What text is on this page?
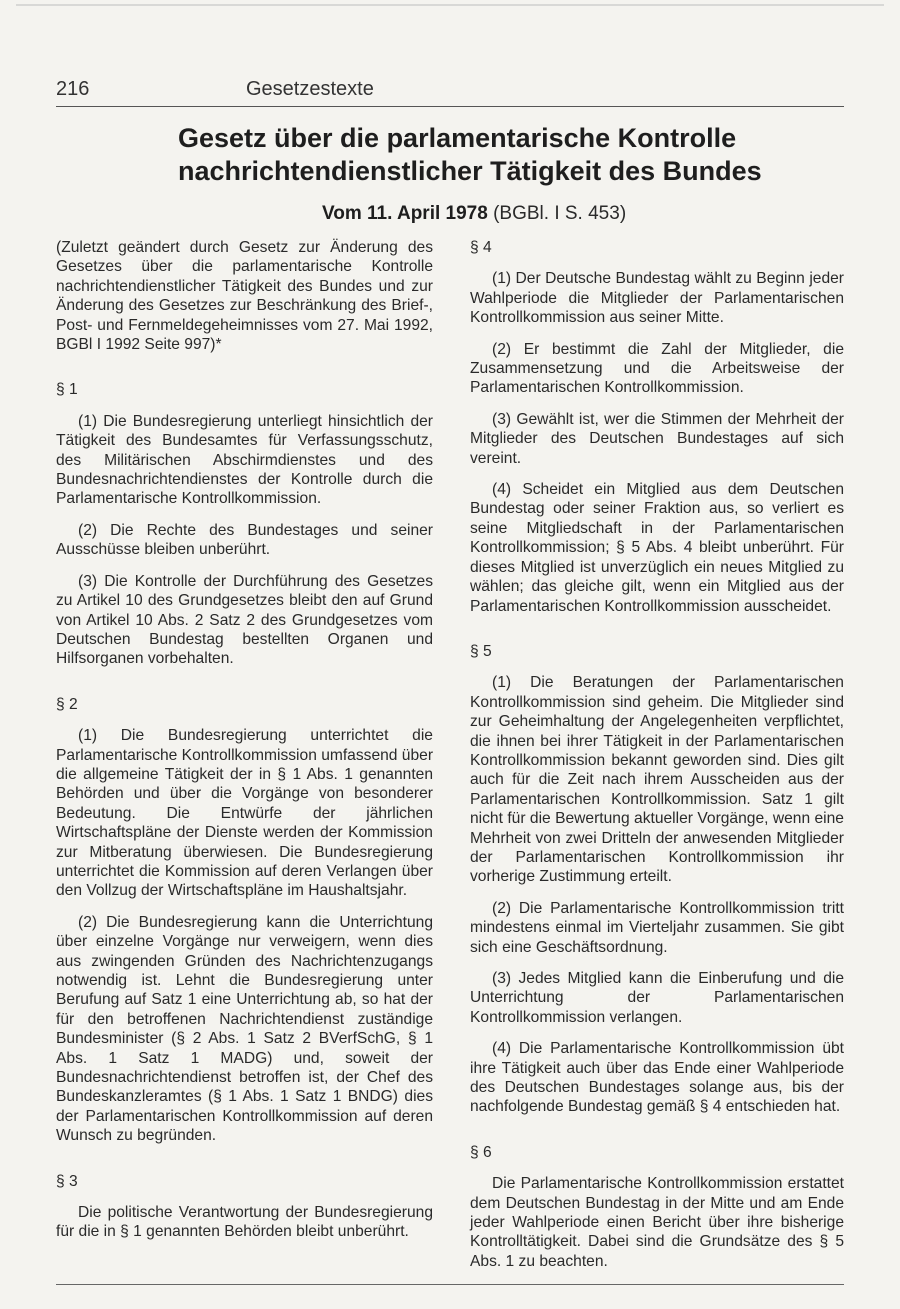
216	Gesetzestexte
Gesetz über die parlamentarische Kontrolle nachrichtendienstlicher Tätigkeit des Bundes
Vom 11. April 1978 (BGBl. I S. 453)

(Zuletzt geändert durch Gesetz zur Änderung des Gesetzes über die parlamentarische Kontrolle nachrichtendienstlicher Tätigkeit des Bundes und zur Änderung des Gesetzes zur Beschränkung des Brief-, Post- und Fernmeldegeheimnisses vom 27. Mai 1992, BGBl I 1992 Seite 997)*

§ 1

(1) Die Bundesregierung unterliegt hinsichtlich der Tätigkeit des Bundesamtes für Verfassungsschutz, des Militärischen Abschirmdienstes und des Bundesnachrichtendienstes der Kontrolle durch die Parlamentarische Kontrollkommission.

(2) Die Rechte des Bundestages und seiner Ausschüsse bleiben unberührt.

(3) Die Kontrolle der Durchführung des Gesetzes zu Artikel 10 des Grundgesetzes bleibt den auf Grund von Artikel 10 Abs. 2 Satz 2 des Grundgesetzes vom Deutschen Bundestag bestellten Organen und Hilfsorganen vorbehalten.

§ 2

(1) Die Bundesregierung unterrichtet die Parlamentarische Kontrollkommission umfassend über die allgemeine Tätigkeit der in § 1 Abs. 1 genannten Behörden und über die Vorgänge von besonderer Bedeutung. Die Entwürfe der jährlichen Wirtschaftspläne der Dienste werden der Kommission zur Mitberatung überwiesen. Die Bundesregierung unterrichtet die Kommission auf deren Verlangen über den Vollzug der Wirtschaftspläne im Haushaltsjahr.

(2) Die Bundesregierung kann die Unterrichtung über einzelne Vorgänge nur verweigern, wenn dies aus zwingenden Gründen des Nachrichtenzugangs notwendig ist. Lehnt die Bundesregierung unter Berufung auf Satz 1 eine Unterrichtung ab, so hat der für den betroffenen Nachrichtendienst zuständige Bundesminister (§ 2 Abs. 1 Satz 2 BVerfSchG, § 1 Abs. 1 Satz 1 MADG) und, soweit der Bundesnachrichtendienst betroffen ist, der Chef des Bundeskanzleramtes (§ 1 Abs. 1 Satz 1 BNDG) dies der Parlamentarischen Kontrollkommission auf deren Wunsch zu begründen.

§ 3

Die politische Verantwortung der Bundesregierung für die in § 1 genannten Behörden bleibt unberührt.

§ 4

(1) Der Deutsche Bundestag wählt zu Beginn jeder Wahlperiode die Mitglieder der Parlamentarischen Kontrollkommission aus seiner Mitte.

(2) Er bestimmt die Zahl der Mitglieder, die Zusammensetzung und die Arbeitsweise der Parlamentarischen Kontrollkommission.

(3) Gewählt ist, wer die Stimmen der Mehrheit der Mitglieder des Deutschen Bundestages auf sich vereint.

(4) Scheidet ein Mitglied aus dem Deutschen Bundestag oder seiner Fraktion aus, so verliert es seine Mitgliedschaft in der Parlamentarischen Kontrollkommission; § 5 Abs. 4 bleibt unberührt. Für dieses Mitglied ist unverzüglich ein neues Mitglied zu wählen; das gleiche gilt, wenn ein Mitglied aus der Parlamentarischen Kontrollkommission ausscheidet.

§ 5

(1) Die Beratungen der Parlamentarischen Kontrollkommission sind geheim. Die Mitglieder sind zur Geheimhaltung der Angelegenheiten verpflichtet, die ihnen bei ihrer Tätigkeit in der Parlamentarischen Kontrollkommission bekannt geworden sind. Dies gilt auch für die Zeit nach ihrem Ausscheiden aus der Parlamentarischen Kontrollkommission. Satz 1 gilt nicht für die Bewertung aktueller Vorgänge, wenn eine Mehrheit von zwei Dritteln der anwesenden Mitglieder der Parlamentarischen Kontrollkommission ihr vorherige Zustimmung erteilt.

(2) Die Parlamentarische Kontrollkommission tritt mindestens einmal im Vierteljahr zusammen. Sie gibt sich eine Geschäftsordnung.

(3) Jedes Mitglied kann die Einberufung und die Unterrichtung der Parlamentarischen Kontrollkommission verlangen.

(4) Die Parlamentarische Kontrollkommission übt ihre Tätigkeit auch über das Ende einer Wahlperiode des Deutschen Bundestages solange aus, bis der nachfolgende Bundestag gemäß § 4 entschieden hat.

§ 6

Die Parlamentarische Kontrollkommission erstattet dem Deutschen Bundestag in der Mitte und am Ende jeder Wahlperiode einen Bericht über ihre bisherige Kontrolltätigkeit. Dabei sind die Grundsätze des § 5 Abs. 1 zu beachten.
